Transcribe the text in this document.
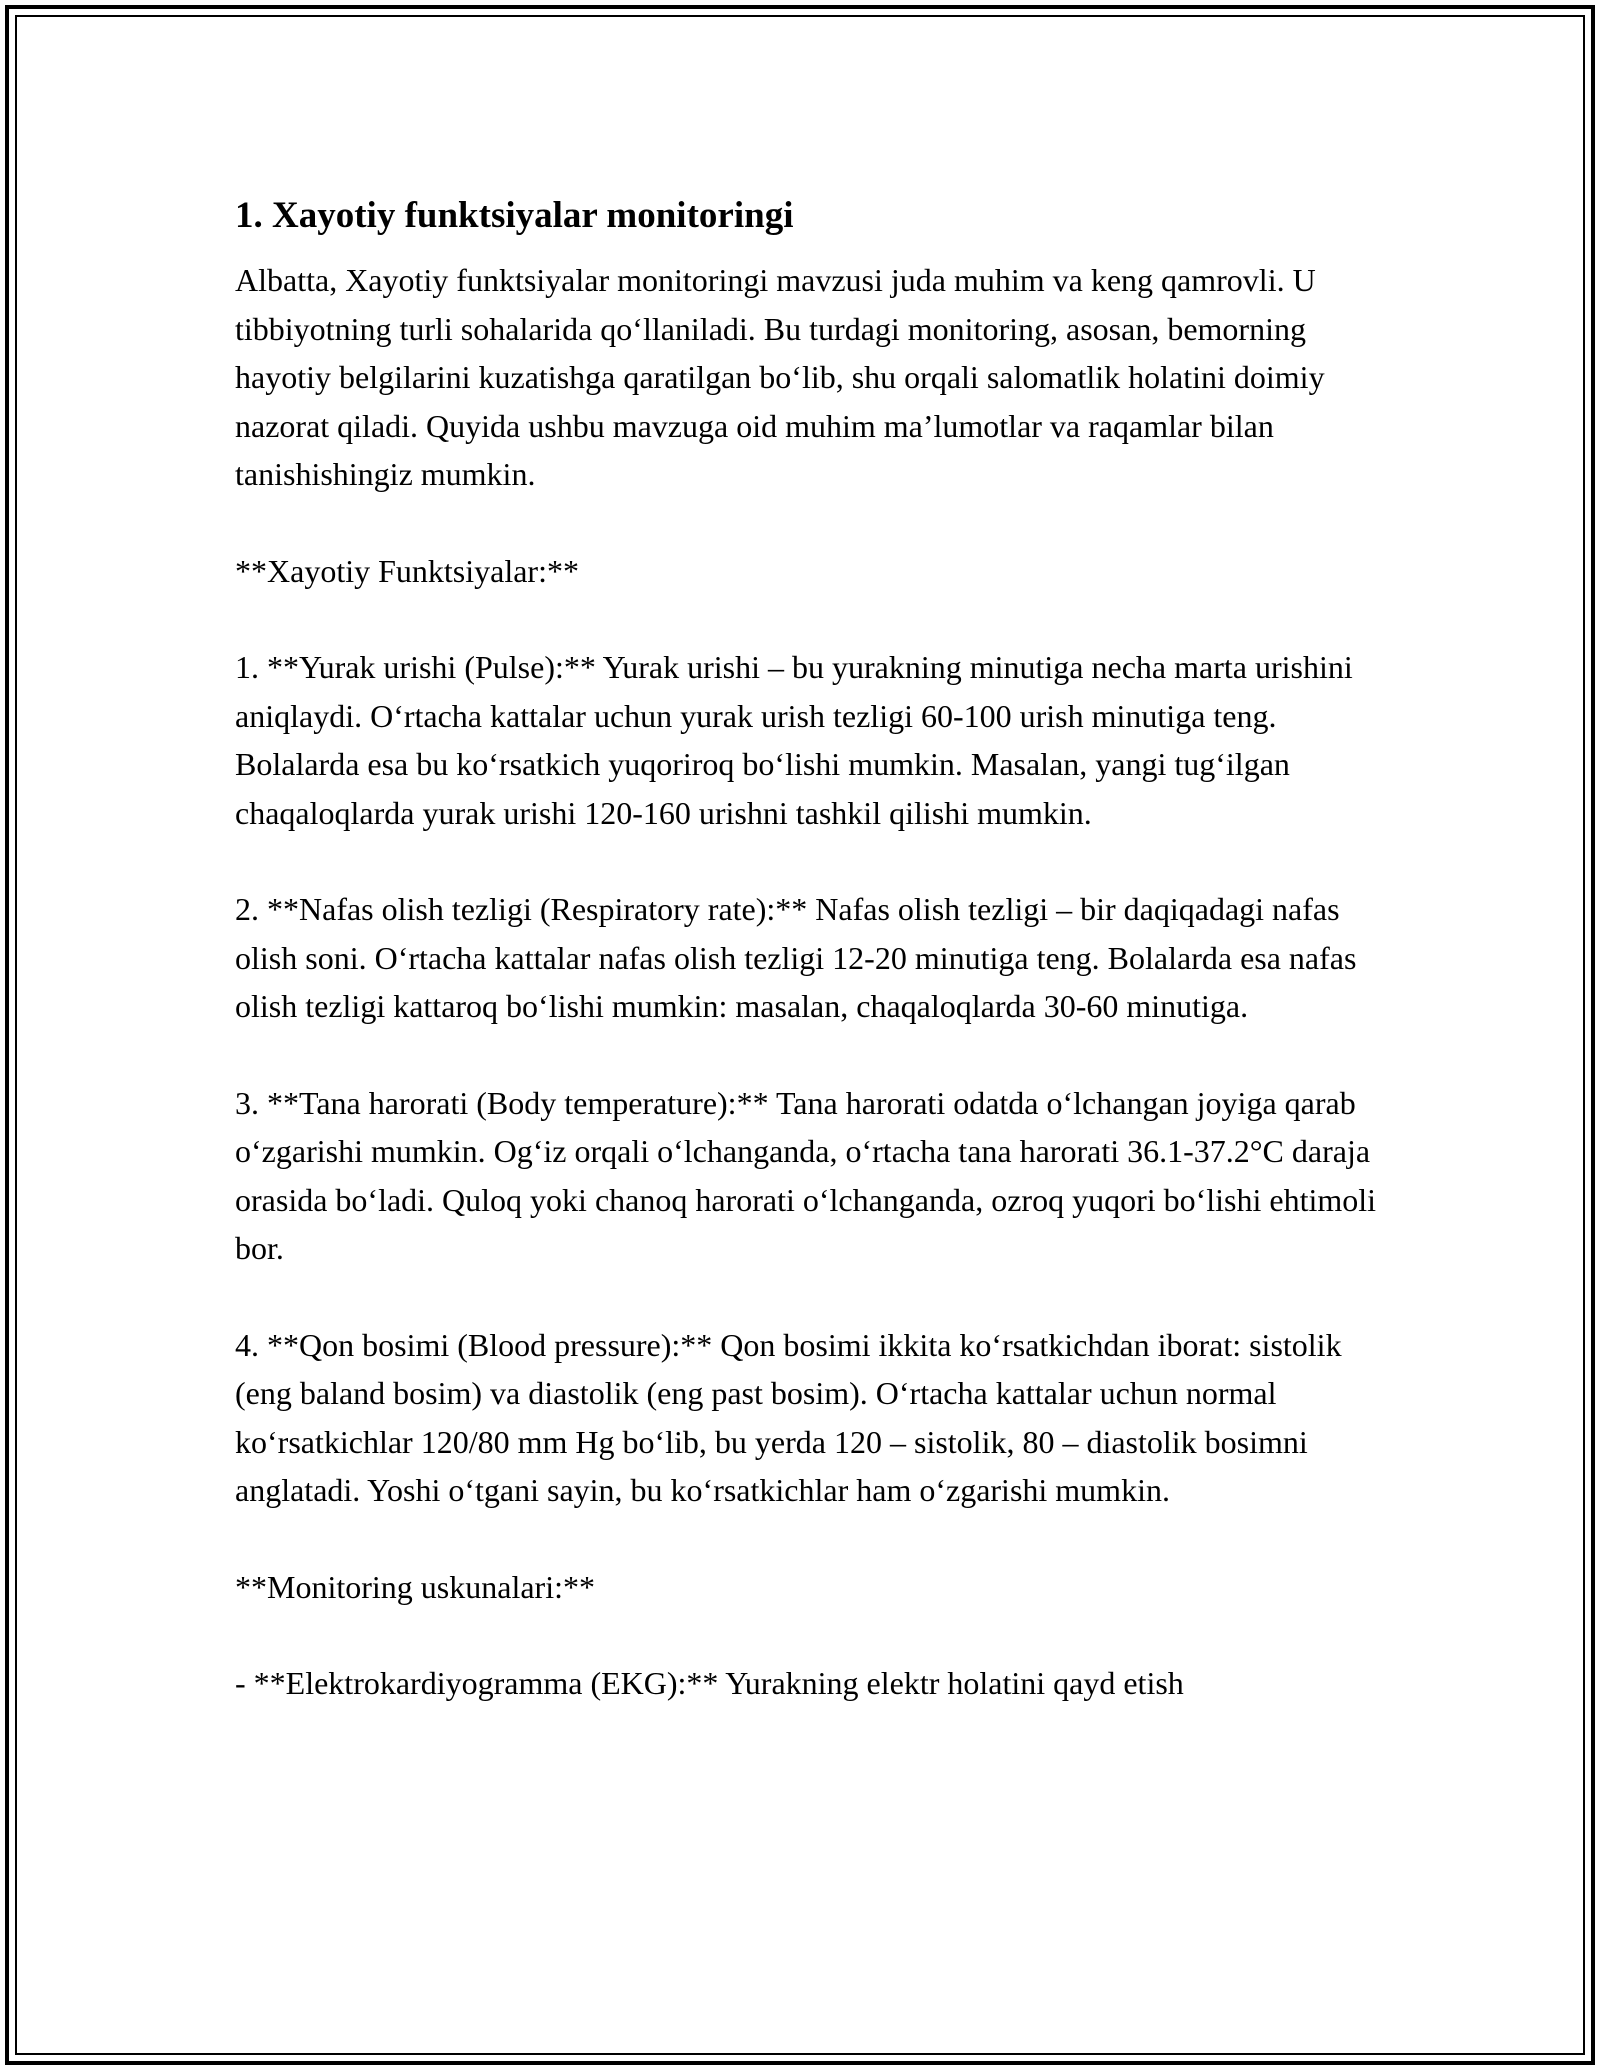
1. Xayotiy funktsiyalar monitoringi

Albatta, Xayotiy funktsiyalar monitoringi mavzusi juda muhim va keng qamrovli. U tibbiyotning turli sohalarida qo‘llaniladi. Bu turdagi monitoring, asosan, bemorning hayotiy belgilarini kuzatishga qaratilgan bo‘lib, shu orqali salomatlik holatini doimiy nazorat qiladi. Quyida ushbu mavzuga oid muhim ma’lumotlar va raqamlar bilan tanishishingiz mumkin.

**Xayotiy Funktsiyalar:**

1. **Yurak urishi (Pulse):** Yurak urishi – bu yurakning minutiga necha marta urishini aniqlaydi. O‘rtacha kattalar uchun yurak urish tezligi 60-100 urish minutiga teng. Bolalarda esa bu ko‘rsatkich yuqoriroq bo‘lishi mumkin. Masalan, yangi tug‘ilgan chaqaloqlarda yurak urishi 120-160 urishni tashkil qilishi mumkin.

2. **Nafas olish tezligi (Respiratory rate):** Nafas olish tezligi – bir daqiqadagi nafas olish soni. O‘rtacha kattalar nafas olish tezligi 12-20 minutiga teng. Bolalarda esa nafas olish tezligi kattaroq bo‘lishi mumkin: masalan, chaqaloqlarda 30-60 minutiga.

3. **Tana harorati (Body temperature):** Tana harorati odatda o‘lchangan joyiga qarab o‘zgarishi mumkin. Og‘iz orqali o‘lchanganda, o‘rtacha tana harorati 36.1-37.2°C daraja orasida bo‘ladi. Quloq yoki chanoq harorati o‘lchanganda, ozroq yuqori bo‘lishi ehtimoli bor.

4. **Qon bosimi (Blood pressure):** Qon bosimi ikkita ko‘rsatkichdan iborat: sistolik (eng baland bosim) va diastolik (eng past bosim). O‘rtacha kattalar uchun normal ko‘rsatkichlar 120/80 mm Hg bo‘lib, bu yerda 120 – sistolik, 80 – diastolik bosimni anglatadi. Yoshi o‘tgani sayin, bu ko‘rsatkichlar ham o‘zgarishi mumkin.

**Monitoring uskunalari:**

- **Elektrokardiyogramma (EKG):** Yurakning elektr holatini qayd etish
